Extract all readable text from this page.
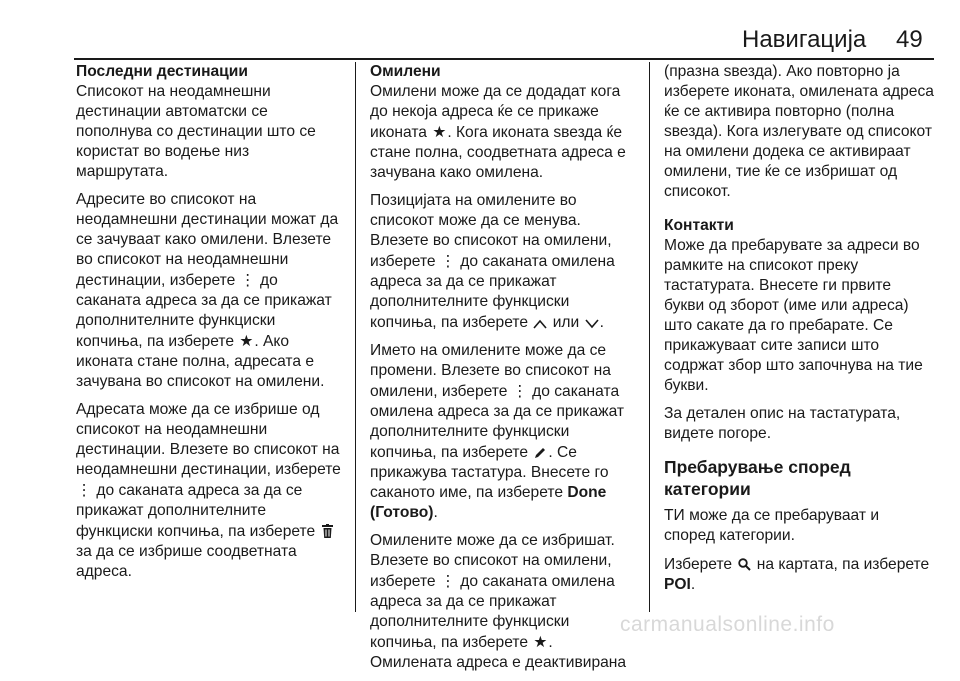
Навигација 49

Последни дестинации

Списокот на неодамнешни дестинации автоматски се пополнува со дестинации што се користат во водење низ маршрутата.

Адресите во списокот на неодамнешни дестинации можат да се зачуваат како омилени. Влезете во списокот на неодамнешни дестинации, изберете ⋮ до саканата адреса за да се прикажат дополнителните функциски копчиња, па изберете ★. Ако иконата стане полна, адресата е зачувана во списокот на омилени.

Адресата може да се избрише од списокот на неодамнешни дестинации. Влезете во списокот на неодамнешни дестинации, изберете ⋮ до саканата адреса за да се прикажат дополнителните функциски копчиња, па изберете  за да се избрише соодветната адреса.

Омилени

Омилени може да се додадат кога до некоја адреса ќе се прикаже иконата ★. Кога иконата ѕвезда ќе стане полна, соодветната адреса е зачувана како омилена.

Позицијата на омилените во списокот може да се менува. Влезете во списокот на омилени, изберете ⋮ до саканата омилена адреса за да се прикажат дополнителните функциски копчиња, па изберете или .

Името на омилените може да се промени. Влезете во списокот на омилени, изберете ⋮ до саканата омилена адреса за да се прикажат дополнителните функциски копчиња, па изберете . Се прикажува тастатура. Внесете го саканото име, па изберете Done (Готово).

Омилените може да се избришат. Влезете во списокот на омилени, изберете ⋮ до саканата омилена адреса за да се прикажат дополнителните функциски копчиња, па изберете ★. Омилената адреса е деактивирана

(празна ѕвезда). Ако повторно ја изберете иконата, омилената адреса ќе се активира повторно (полна ѕвезда). Кога излегувате од списокот на омилени додека се активираат омилени, тие ќе се избришат од списокот.

Контакти

Може да пребарувате за адреси во рамките на списокот преку тастатурата. Внесете ги првите букви од зборот (име или адреса) што сакате да го пребарате. Се прикажуваат сите записи што содржат збор што започнува на тие букви.

За детален опис на тастатурата, видете погоре.

Пребарување според категории

ТИ може да се пребаруваат и според категории.

Изберете на картата, па изберете POI.

carmanualsonline.info
